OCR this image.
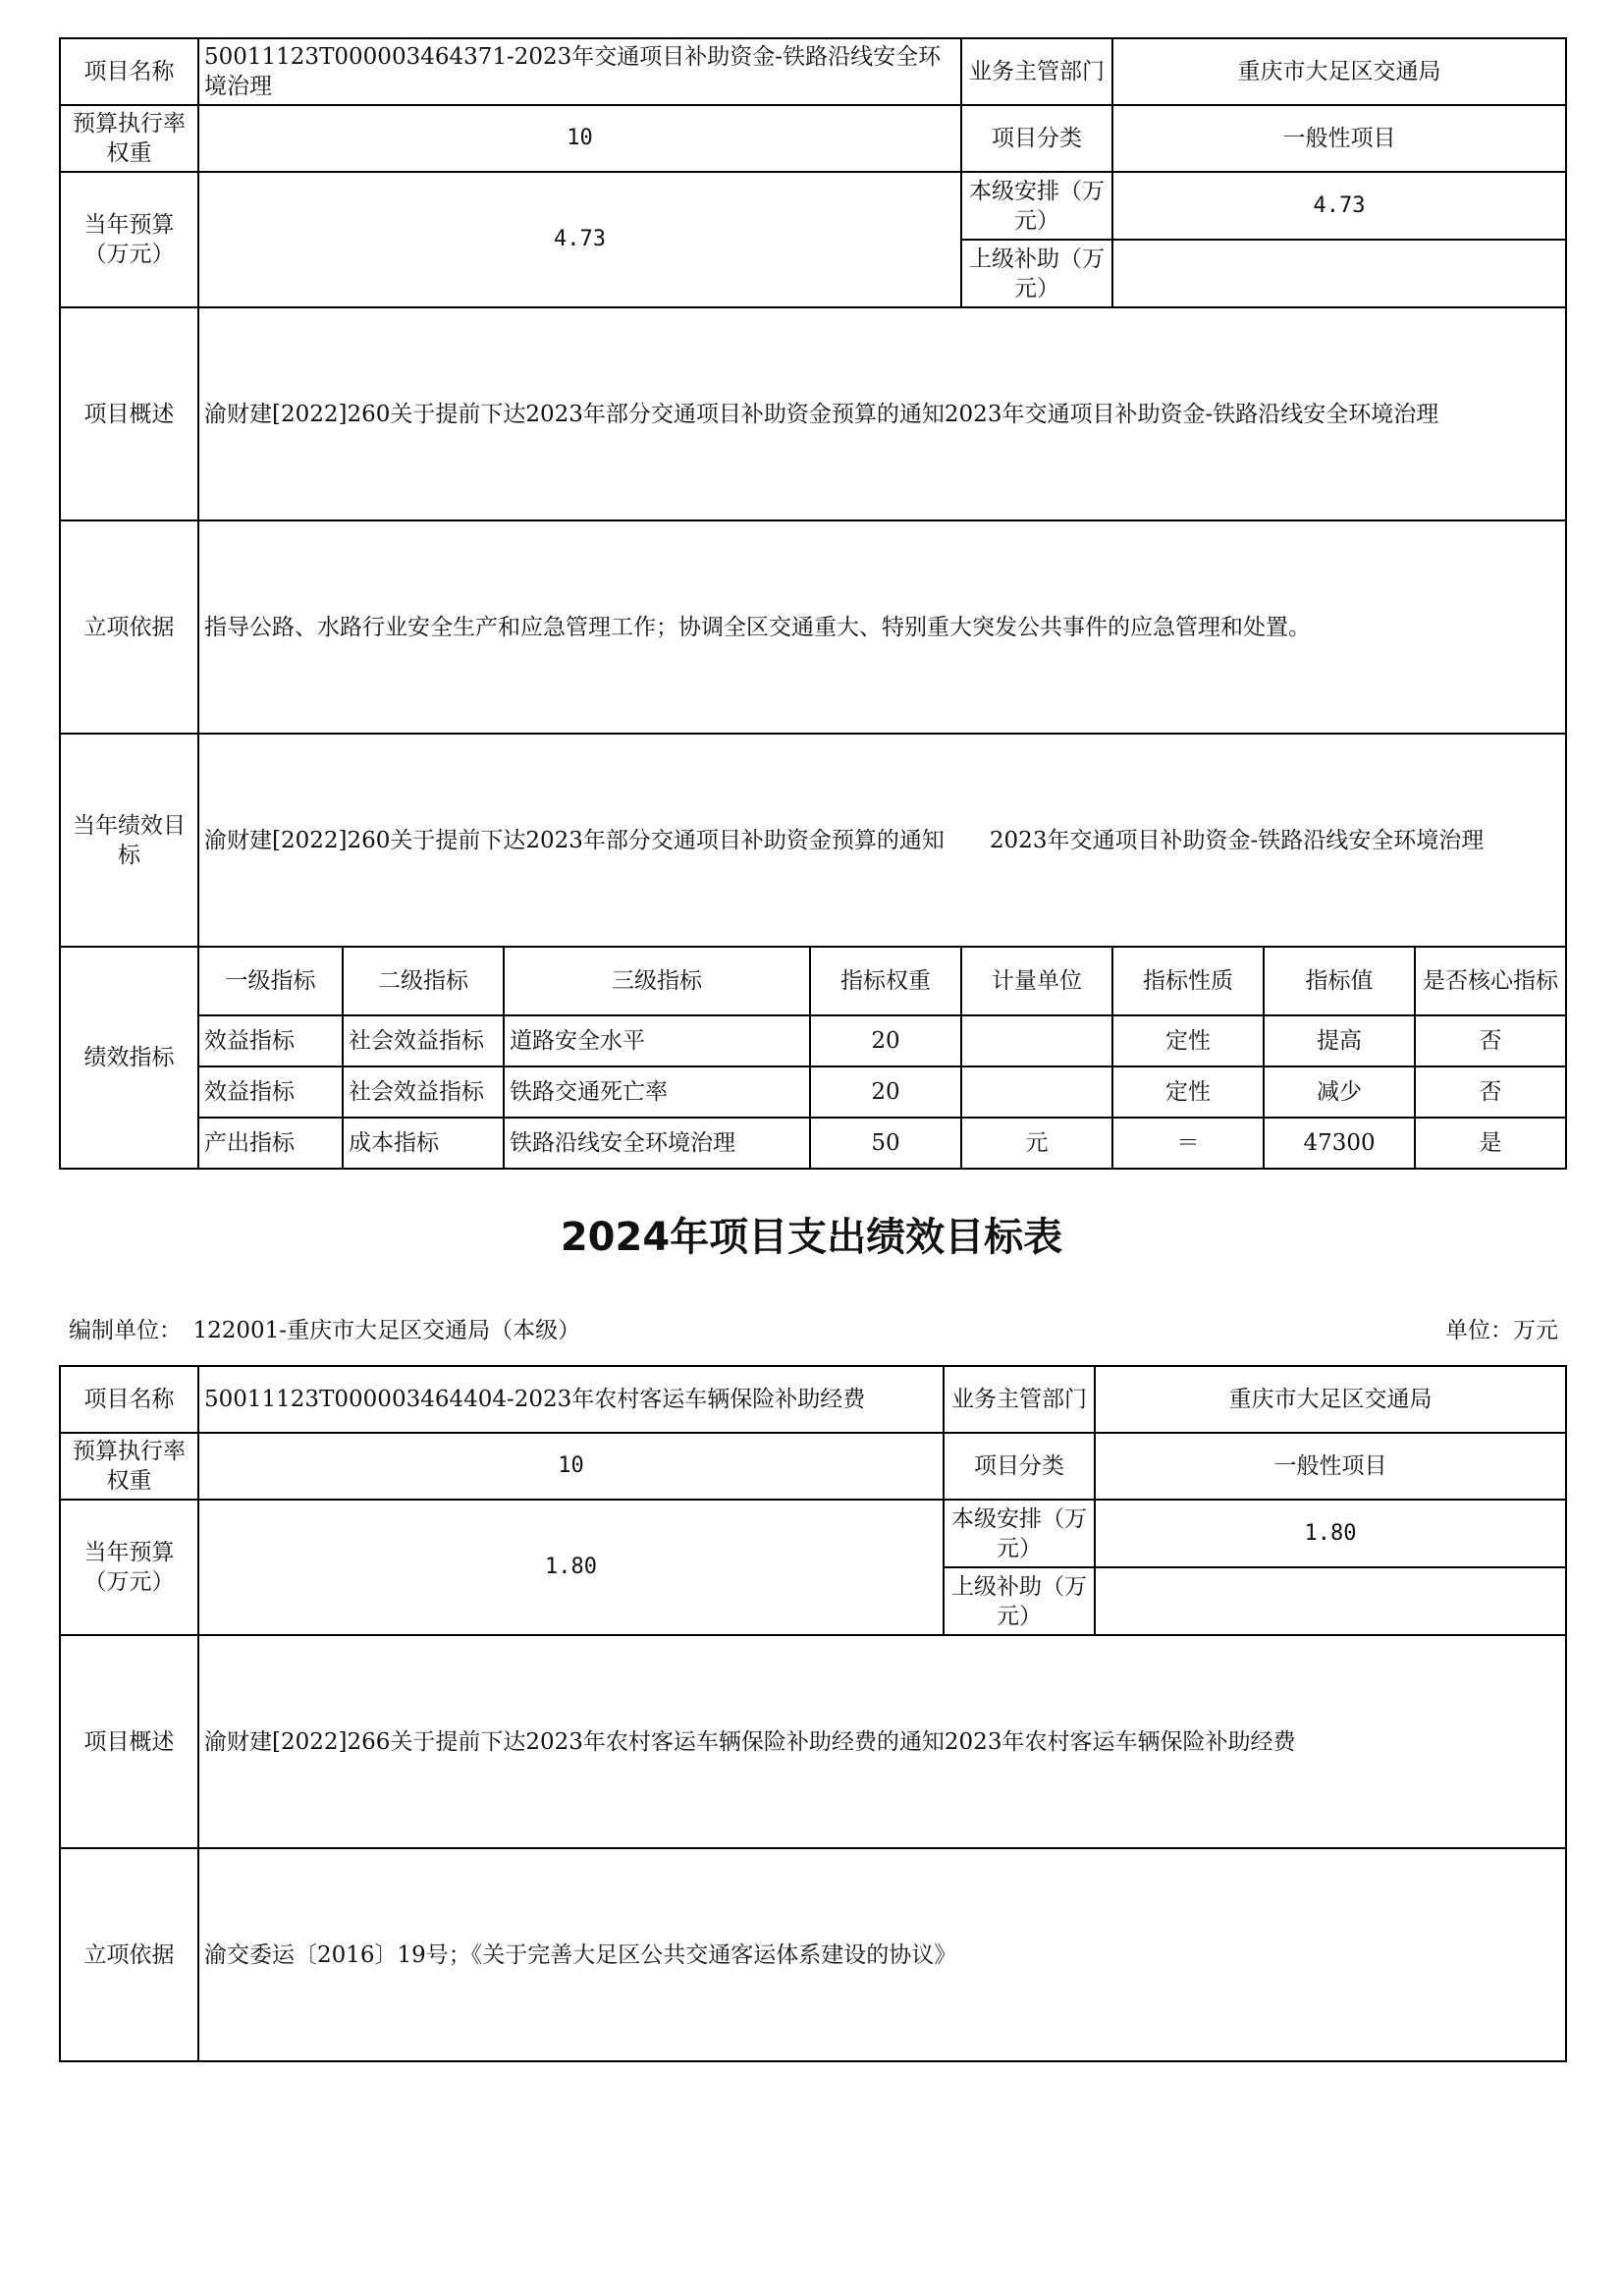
项目名称	50011123T000003464371-2023年交通项目补助资金-铁路沿线安全环境治理				业务主管部门	重庆市大足区交通局		
预算执行率权重	10				项目分类	一般性项目		
当年预算（万元）	4.73				本级安排（万元）	4.73		
					上级补助（万元）			
项目概述	渝财建[2022]260关于提前下达2023年部分交通项目补助资金预算的通知2023年交通项目补助资金-铁路沿线安全环境治理							
立项依据	指导公路、水路行业安全生产和应急管理工作；协调全区交通重大、特别重大突发公共事件的应急管理和处置。							
当年绩效目标	渝财建[2022]260关于提前下达2023年部分交通项目补助资金预算的通知　　2023年交通项目补助资金-铁路沿线安全环境治理							
绩效指标	一级指标	二级指标	三级指标	指标权重	计量单位	指标性质	指标值	是否核心指标
	效益指标	社会效益指标	道路安全水平	20		定性	提高	否
	效益指标	社会效益指标	铁路交通死亡率	20		定性	减少	否
	产出指标	成本指标	铁路沿线安全环境治理	50	元	＝	47300	是
2024年项目支出绩效目标表
编制单位：　122001-重庆市大足区交通局（本级）	单位：万元
项目名称	50011123T000003464404-2023年农村客运车辆保险补助经费	业务主管部门	重庆市大足区交通局
预算执行率权重	10	项目分类	一般性项目
当年预算（万元）	1.80	本级安排（万元）	1.80
		上级补助（万元）	
项目概述	渝财建[2022]266关于提前下达2023年农村客运车辆保险补助经费的通知2023年农村客运车辆保险补助经费		
立项依据	渝交委运〔2016〕19号；《关于完善大足区公共交通客运体系建设的协议》		
